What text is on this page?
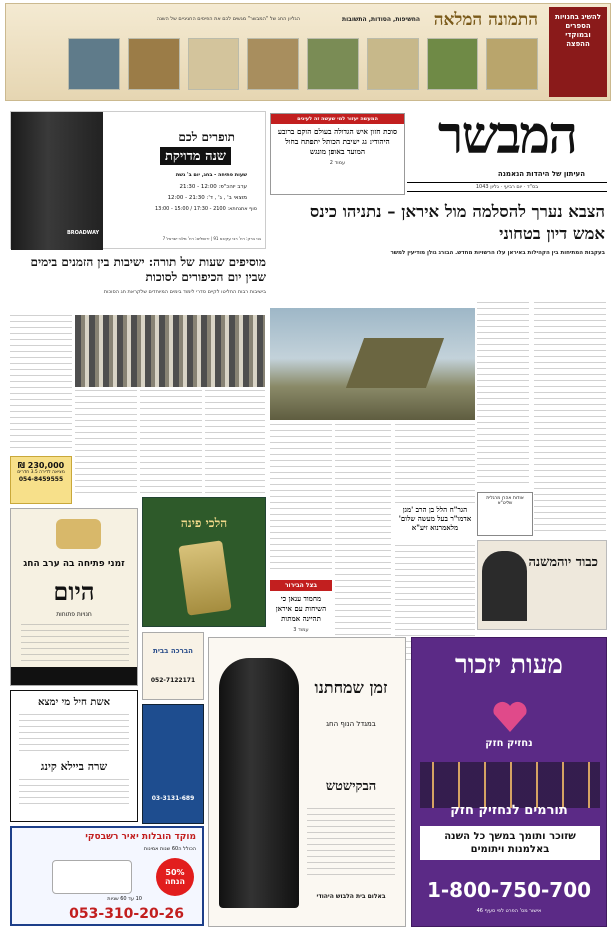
להשיג בחנויות הספרים ובמוקדי ההפצה
התמונה המלאה
החשיפות, הסודות, התשובות
הגליון החג של "המבשר" מגשים לכם את הפיסים החגיגיים של השנה
המבשר
העיתון של היהדות הנאמנה
בס"ד · יום רביעי · גליון 1043
המעשה יעזור למי שעשה זה לעינים
סוכת חזון איש הגדולה בעולם הוקם ברובע היהודי: גג ישיבת הכותל יתפתח בחול המועד באופן מונגש
עמוד 2
תופרים לכם
שנה מדויקת
שעות פתיחה - בחג, יום ב' גשת
ערב יוהכ"פ: 12:00 - 21:30
מוצאי ב' , ג' , ד': 21:30 - 12:00
סוף אתנחתא: 2100 - 17:30 / 15:00 - 13:00
BROADWAY
בני ברק: רח' רבי עקיבא 91 | ירושלים: רח' מלכי ישראל 7
הצבא נערך להסלמה מול איראן – נתניהו כינס אמש דיון בטחוני
בעקבות המתיחות בין הקהילות באיראן עלו הרשויות מחדש. הבורג גולן מודיעין למשר
מוסיפים שעות של תורה: ישיבות בין הזמנים בימים שבין יום הכיפורים לסוכות
בישיבות רבות החליטו לקיים סדרי לימוד בימים המיוחדים שלקראת חג הסוכות
הגר"ח הלל בן הרב 'מגן אדמו"ר בעל מעשה שלום' מלאמרנוא זיע"א
בצל הבירור
מחמוד ענאן כי השיחות עם איראן תהיינה אמתות
עמוד 3
אודות אהרן מרגלית שליט"א
כבוד יוהמשנה
230,000 ₪
מציאה לדירה 3.5 חדרים
054-8459555
זמני פתיחה בה ערב החג
היום
חנויות פתוחות
הלכי פינה
הברכה בבית
052-7122171
03-3131-689
אשת חיל מי ימצא
שרה ביילא קינג
מוקד הובלות יאיר רשבסקי
הכולל ה60 שנות אמינות
50% הנחה
10 עד 60 שניות
053-310-20-26
זמן שמחתנו
במגדל הנוף החג
הבקישטש
באלום בית הלבוש היהודי
מעות יזכור
נחזיק חזק
תורמים לנחזיק חזק
שזוכר ותומך במשך כל השנה באלמנות ויתומים
1-800-750-700
אישור מס' הפרט לפי סעיף 46
